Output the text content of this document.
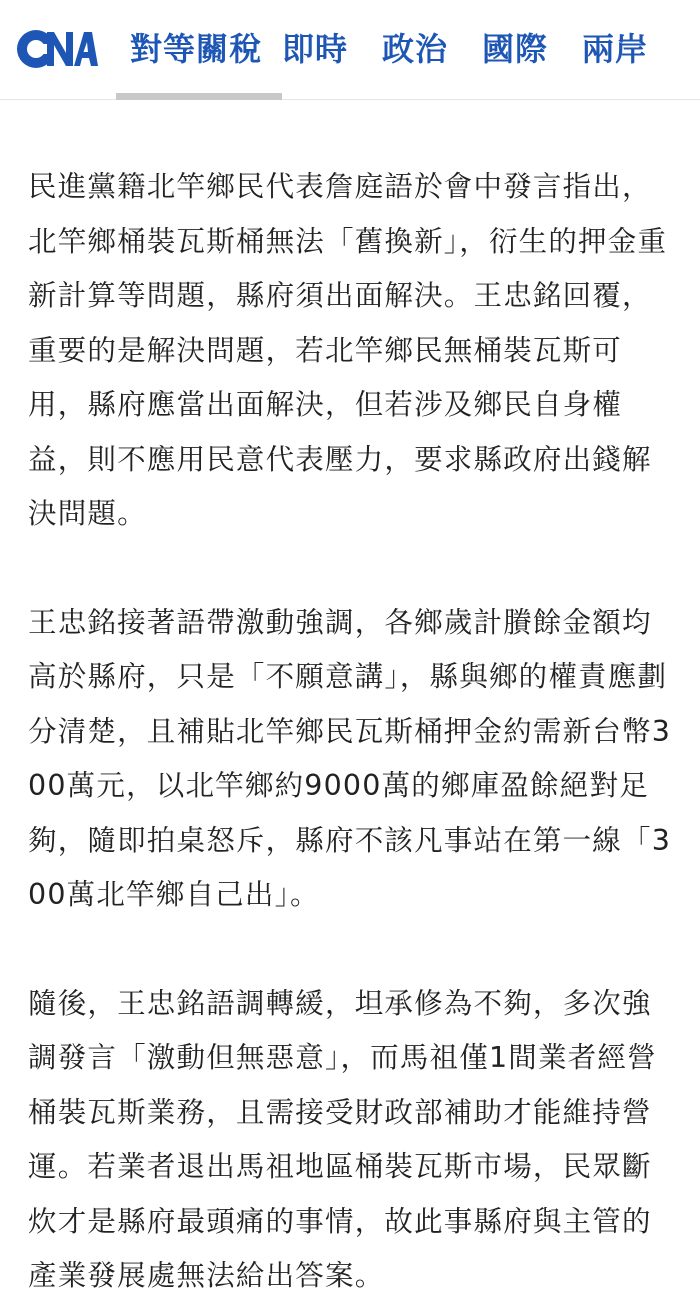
對等關稅 即時	政治	國際	兩岸

民進黨籍北竿鄉民代表詹庭語於會中發言指出，北竿鄉桶裝瓦斯桶無法「舊換新」，衍生的押金重新計算等問題，縣府須出面解決。王忠銘回覆，重要的是解決問題，若北竿鄉民無桶裝瓦斯可用，縣府應當出面解決，但若涉及鄉民自身權益，則不應用民意代表壓力，要求縣政府出錢解決問題。

王忠銘接著語帶激動強調，各鄉歲計賸餘金額均高於縣府，只是「不願意講」，縣與鄉的權責應劃分清楚，且補貼北竿鄉民瓦斯桶押金約需新台幣300萬元，以北竿鄉約9000萬的鄉庫盈餘絕對足夠，隨即拍桌怒斥，縣府不該凡事站在第一線「300萬北竿鄉自己出」。

隨後，王忠銘語調轉緩，坦承修為不夠，多次強調發言「激動但無惡意」，而馬祖僅1間業者經營桶裝瓦斯業務，且需接受財政部補助才能維持營運。若業者退出馬祖地區桶裝瓦斯市場，民眾斷炊才是縣府最頭痛的事情，故此事縣府與主管的產業發展處無法給出答案。
